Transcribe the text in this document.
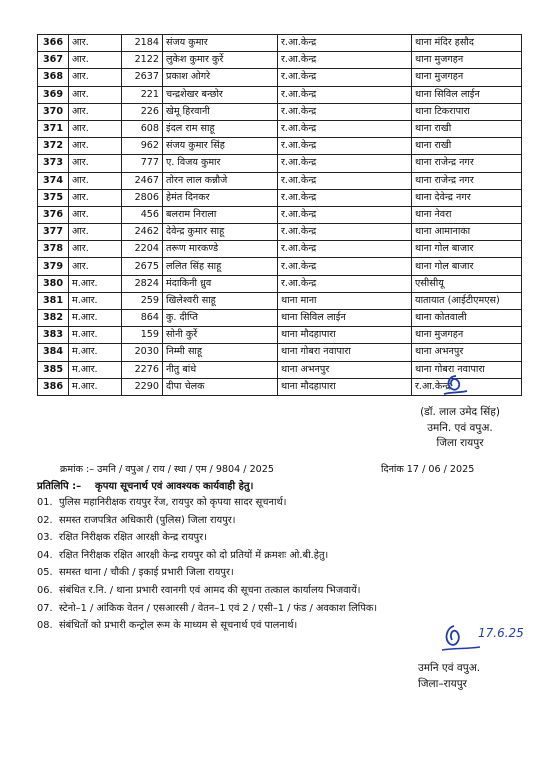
366	आर.	2184	संजय कुमार	र.आ.केन्द्र	थाना मंदिर हसौद
367	आर.	2122	लुकेश कुमार कुर्रे	र.आ.केन्द्र	थाना मुजगहन
368	आर.	2637	प्रकाश ओगरे	र.आ.केन्द्र	थाना मुजगहन
369	आर.	221	चन्द्रशेखर बन्छोर	र.आ.केन्द्र	थाना सिविल लाईन
370	आर.	226	खेमू हिरवानी	र.आ.केन्द्र	थाना टिकरापारा
371	आर.	608	इंदल राम साहू	र.आ.केन्द्र	थाना राखी
372	आर.	962	संजय कुमार सिंह	र.आ.केन्द्र	थाना राखी
373	आर.	777	ए. विजय कुमार	र.आ.केन्द्र	थाना राजेन्द्र नगर
374	आर.	2467	तोरन लाल कन्नौजे	र.आ.केन्द्र	थाना राजेन्द्र नगर
375	आर.	2806	हेमंत दिनकर	र.आ.केन्द्र	थाना देवेन्द्र नगर
376	आर.	456	बलराम निराला	र.आ.केन्द्र	थाना नेवरा
377	आर.	2462	देवेन्द्र कुमार साहू	र.आ.केन्द्र	थाना आमानाका
378	आर.	2204	तरूण मारकण्डे	र.आ.केन्द्र	थाना गोल बाजार
379	आर.	2675	ललित सिंह साहू	र.आ.केन्द्र	थाना गोल बाजार
380	म.आर.	2824	मंदाकिनी ध्रुव	र.आ.केन्द्र	एसीसीयू
381	म.आर.	259	खिलेश्वरी साहू	थाना माना	यातायात (आईटीएमएस)
382	म.आर.	864	कु. दीप्ति	थाना सिविल लाईन	थाना कोतवाली
383	म.आर.	159	सोनी कुर्रे	थाना मौदहापारा	थाना मुजगहन
384	म.आर.	2030	निम्मी साहू	थाना गोबरा नवापारा	थाना अभनपुर
385	म.आर.	2276	नीतु बांधे	थाना अभनपुर	थाना गोबरा नवापारा
386	म.आर.	2290	दीपा चेलक	थाना मौदहापारा	र.आ.केन्द्र
(डॉ. लाल उमेद सिंह)
उमनि. एवं वपुअ.
जिला रायपुर
क्रमांक :– उमनि / वपुअ / राय / स्था / एम / 9804 / 2025	दिनांक 17 / 06 / 2025
प्रतिलिपि :– कृपया सूचनार्थ एवं आवश्यक कार्यवाही हेतु।
01. पुलिस महानिरीक्षक रायपुर रेंज, रायपुर को कृपया सादर सूचनार्थ।
02. समस्त राजपत्रित अधिकारी (पुलिस) जिला रायपुर।
03. रक्षित निरीक्षक रक्षित आरक्षी केन्द्र रायपुर।
04. रक्षित निरीक्षक रक्षित आरक्षी केन्द्र रायपुर को दो प्रतियों में क्रमशः ओ.बी.हेतु।
05. समस्त थाना / चौकी / इकाई प्रभारी जिला रायपुर।
06. संबंधित र.नि. / थाना प्रभारी रवानगी एवं आमद की सूचना तत्काल कार्यालय भिजवायें।
07. स्टेनो–1 / आंकिक वेतन / एसआरसी / वेतन–1 एवं 2 / एसी–1 / फंड / अवकाश लिपिक।
08. संबंधितों को प्रभारी कन्ट्रोल रूम के माध्यम से सूचनार्थ एवं पालनार्थ।
17.6.25
उमनि एवं वपुअ.
जिला–रायपुर
